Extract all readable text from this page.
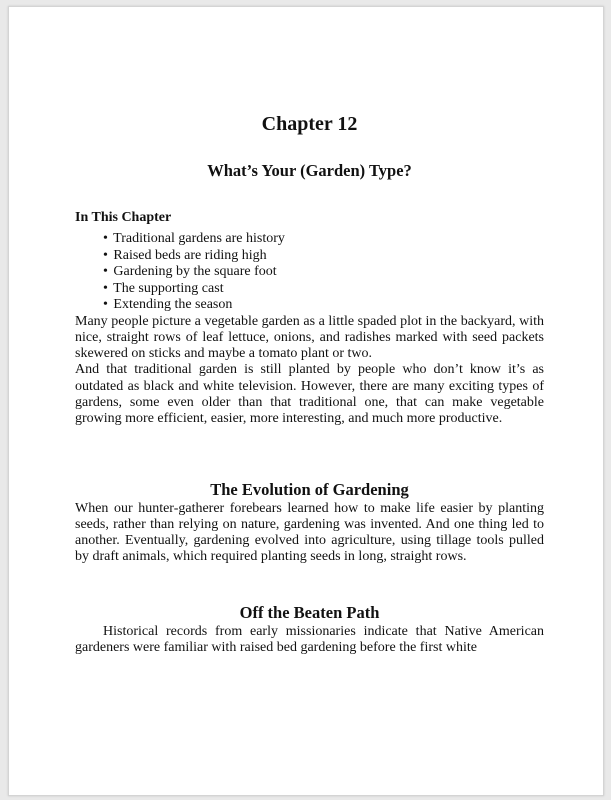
Chapter 12
What’s Your (Garden) Type?
In This Chapter
• Traditional gardens are history
• Raised beds are riding high
• Gardening by the square foot
• The supporting cast
• Extending the season

Many people picture a vegetable garden as a little spaded plot in the backyard, with nice, straight rows of leaf lettuce, onions, and radishes marked with seed packets skewered on sticks and maybe a tomato plant or two.

And that traditional garden is still planted by people who don’t know it’s as outdated as black and white television. However, there are many exciting types of gardens, some even older than that traditional one, that can make vegetable growing more efficient, easier, more interesting, and much more productive.

The Evolution of Gardening

When our hunter-gatherer forebears learned how to make life easier by planting seeds, rather than relying on nature, gardening was invented. And one thing led to another. Eventually, gardening evolved into agriculture, using tillage tools pulled by draft animals, which required planting seeds in long, straight rows.

Off the Beaten Path

Historical records from early missionaries indicate that Native American gardeners were familiar with raised bed gardening before the first white
